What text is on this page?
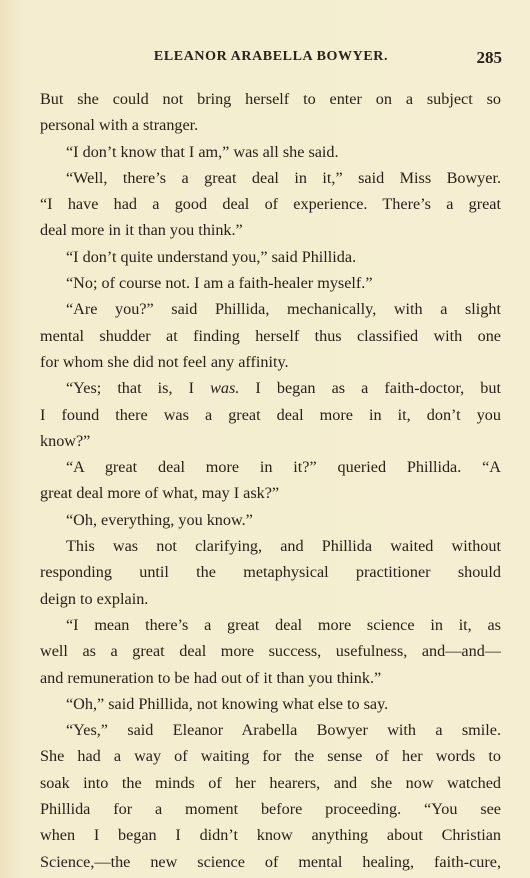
ELEANOR ARABELLA BOWYER.	285
But she could not bring herself to enter on a subject so
personal with a stranger.
“I don’t know that I am,” was all she said.
“Well, there’s a great deal in it,” said Miss Bowyer.
“I have had a good deal of experience. There’s a great
deal more in it than you think.”
“I don’t quite understand you,” said Phillida.
“No; of course not. I am a faith-healer myself.”
“Are you?” said Phillida, mechanically, with a slight
mental shudder at finding herself thus classified with one
for whom she did not feel any affinity.
“Yes; that is, I was. I began as a faith-doctor, but
I found there was a great deal more in it, don’t you
know?”
“A great deal more in it?” queried Phillida. “A
great deal more of what, may I ask?”
“Oh, everything, you know.”
This was not clarifying, and Phillida waited without
responding until the metaphysical practitioner should
deign to explain.
“I mean there’s a great deal more science in it, as
well as a great deal more success, usefulness, and—and—
and remuneration to be had out of it than you think.”
“Oh,” said Phillida, not knowing what else to say.
“Yes,” said Eleanor Arabella Bowyer with a smile.
She had a way of waiting for the sense of her words to
soak into the minds of her hearers, and she now watched
Phillida for a moment before proceeding. “You see
when I began I didn’t know anything about Christian
Science,—the new science of mental healing, faith-cure,
